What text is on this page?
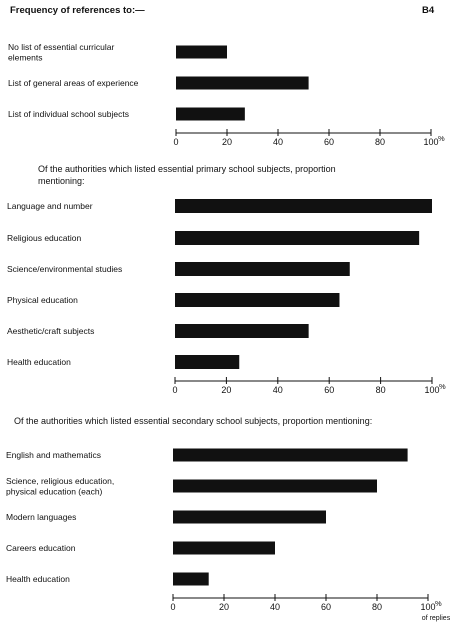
Frequency of references to:—	B4
No list of essential curricular
elements
List of general areas of experience
List of individual school subjects
0	20	40	60	80	100 %
Of the authorities which listed essential primary school subjects, proportion
mentioning:
Language and number
Religious education
Science/environmental studies
Physical education
Aesthetic/craft subjects
Health education
0	20	40	60	80	100 %
Of the authorities which listed essential secondary school subjects, proportion mentioning:
English and mathematics
Science, religious education,
physical education (each)
Modern languages
Careers education
Health education
0	20	40	60	80	100 %
of replies
